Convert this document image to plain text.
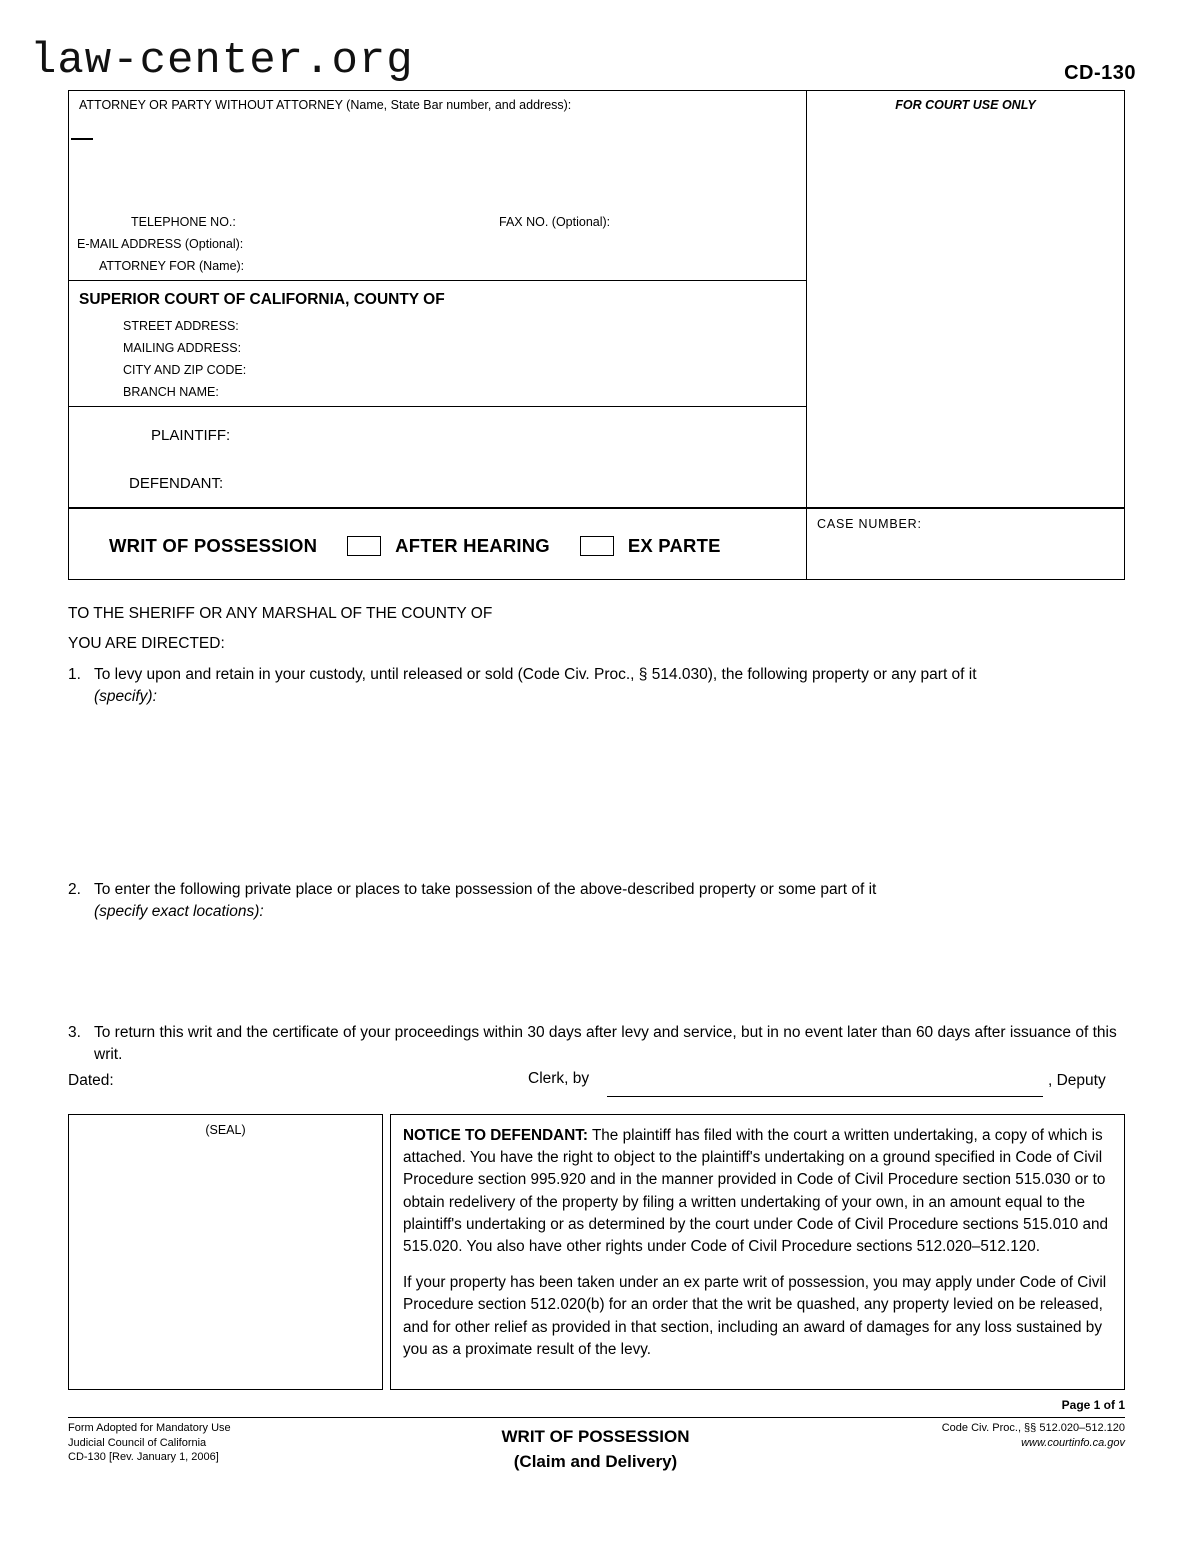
law-center.org	CD-130
ATTORNEY OR PARTY WITHOUT ATTORNEY (Name, State Bar number, and address):
TELEPHONE NO.:	FAX NO. (Optional):
E-MAIL ADDRESS (Optional):
ATTORNEY FOR (Name):
SUPERIOR COURT OF CALIFORNIA, COUNTY OF
STREET ADDRESS:
MAILING ADDRESS:
CITY AND ZIP CODE:
BRANCH NAME:
PLAINTIFF:
DEFENDANT:
WRIT OF POSSESSION	AFTER HEARING	EX PARTE
FOR COURT USE ONLY
CASE NUMBER:
TO THE SHERIFF OR ANY MARSHAL OF THE COUNTY OF
YOU ARE DIRECTED:
1. To levy upon and retain in your custody, until released or sold (Code Civ. Proc., § 514.030), the following property or any part of it
(specify):
2. To enter the following private place or places to take possession of the above-described property or some part of it
(specify exact locations):
3. To return this writ and the certificate of your proceedings within 30 days after levy and service, but in no event later than 60 days after issuance of this writ.
Dated:	Clerk, by	, Deputy
(SEAL)	NOTICE TO DEFENDANT: The plaintiff has filed with the court a written undertaking, a copy of which is attached. You have the right to object to the plaintiff's undertaking on a ground specified in Code of Civil Procedure section 995.920 and in the manner provided in Code of Civil Procedure section 515.030 or to obtain redelivery of the property by filing a written undertaking of your own, in an amount equal to the plaintiff's undertaking or as determined by the court under Code of Civil Procedure sections 515.010 and 515.020. You also have other rights under Code of Civil Procedure sections 512.020–512.120.

If your property has been taken under an ex parte writ of possession, you may apply under Code of Civil Procedure section 512.020(b) for an order that the writ be quashed, any property levied on be released, and for other relief as provided in that section, including an award of damages for any loss sustained by you as a proximate result of the levy.

Page 1 of 1
Form Adopted for Mandatory Use
Judicial Council of California
CD-130 [Rev. January 1, 2006]
WRIT OF POSSESSION
(Claim and Delivery)
Code Civ. Proc., §§ 512.020–512.120
www.courtinfo.ca.gov
